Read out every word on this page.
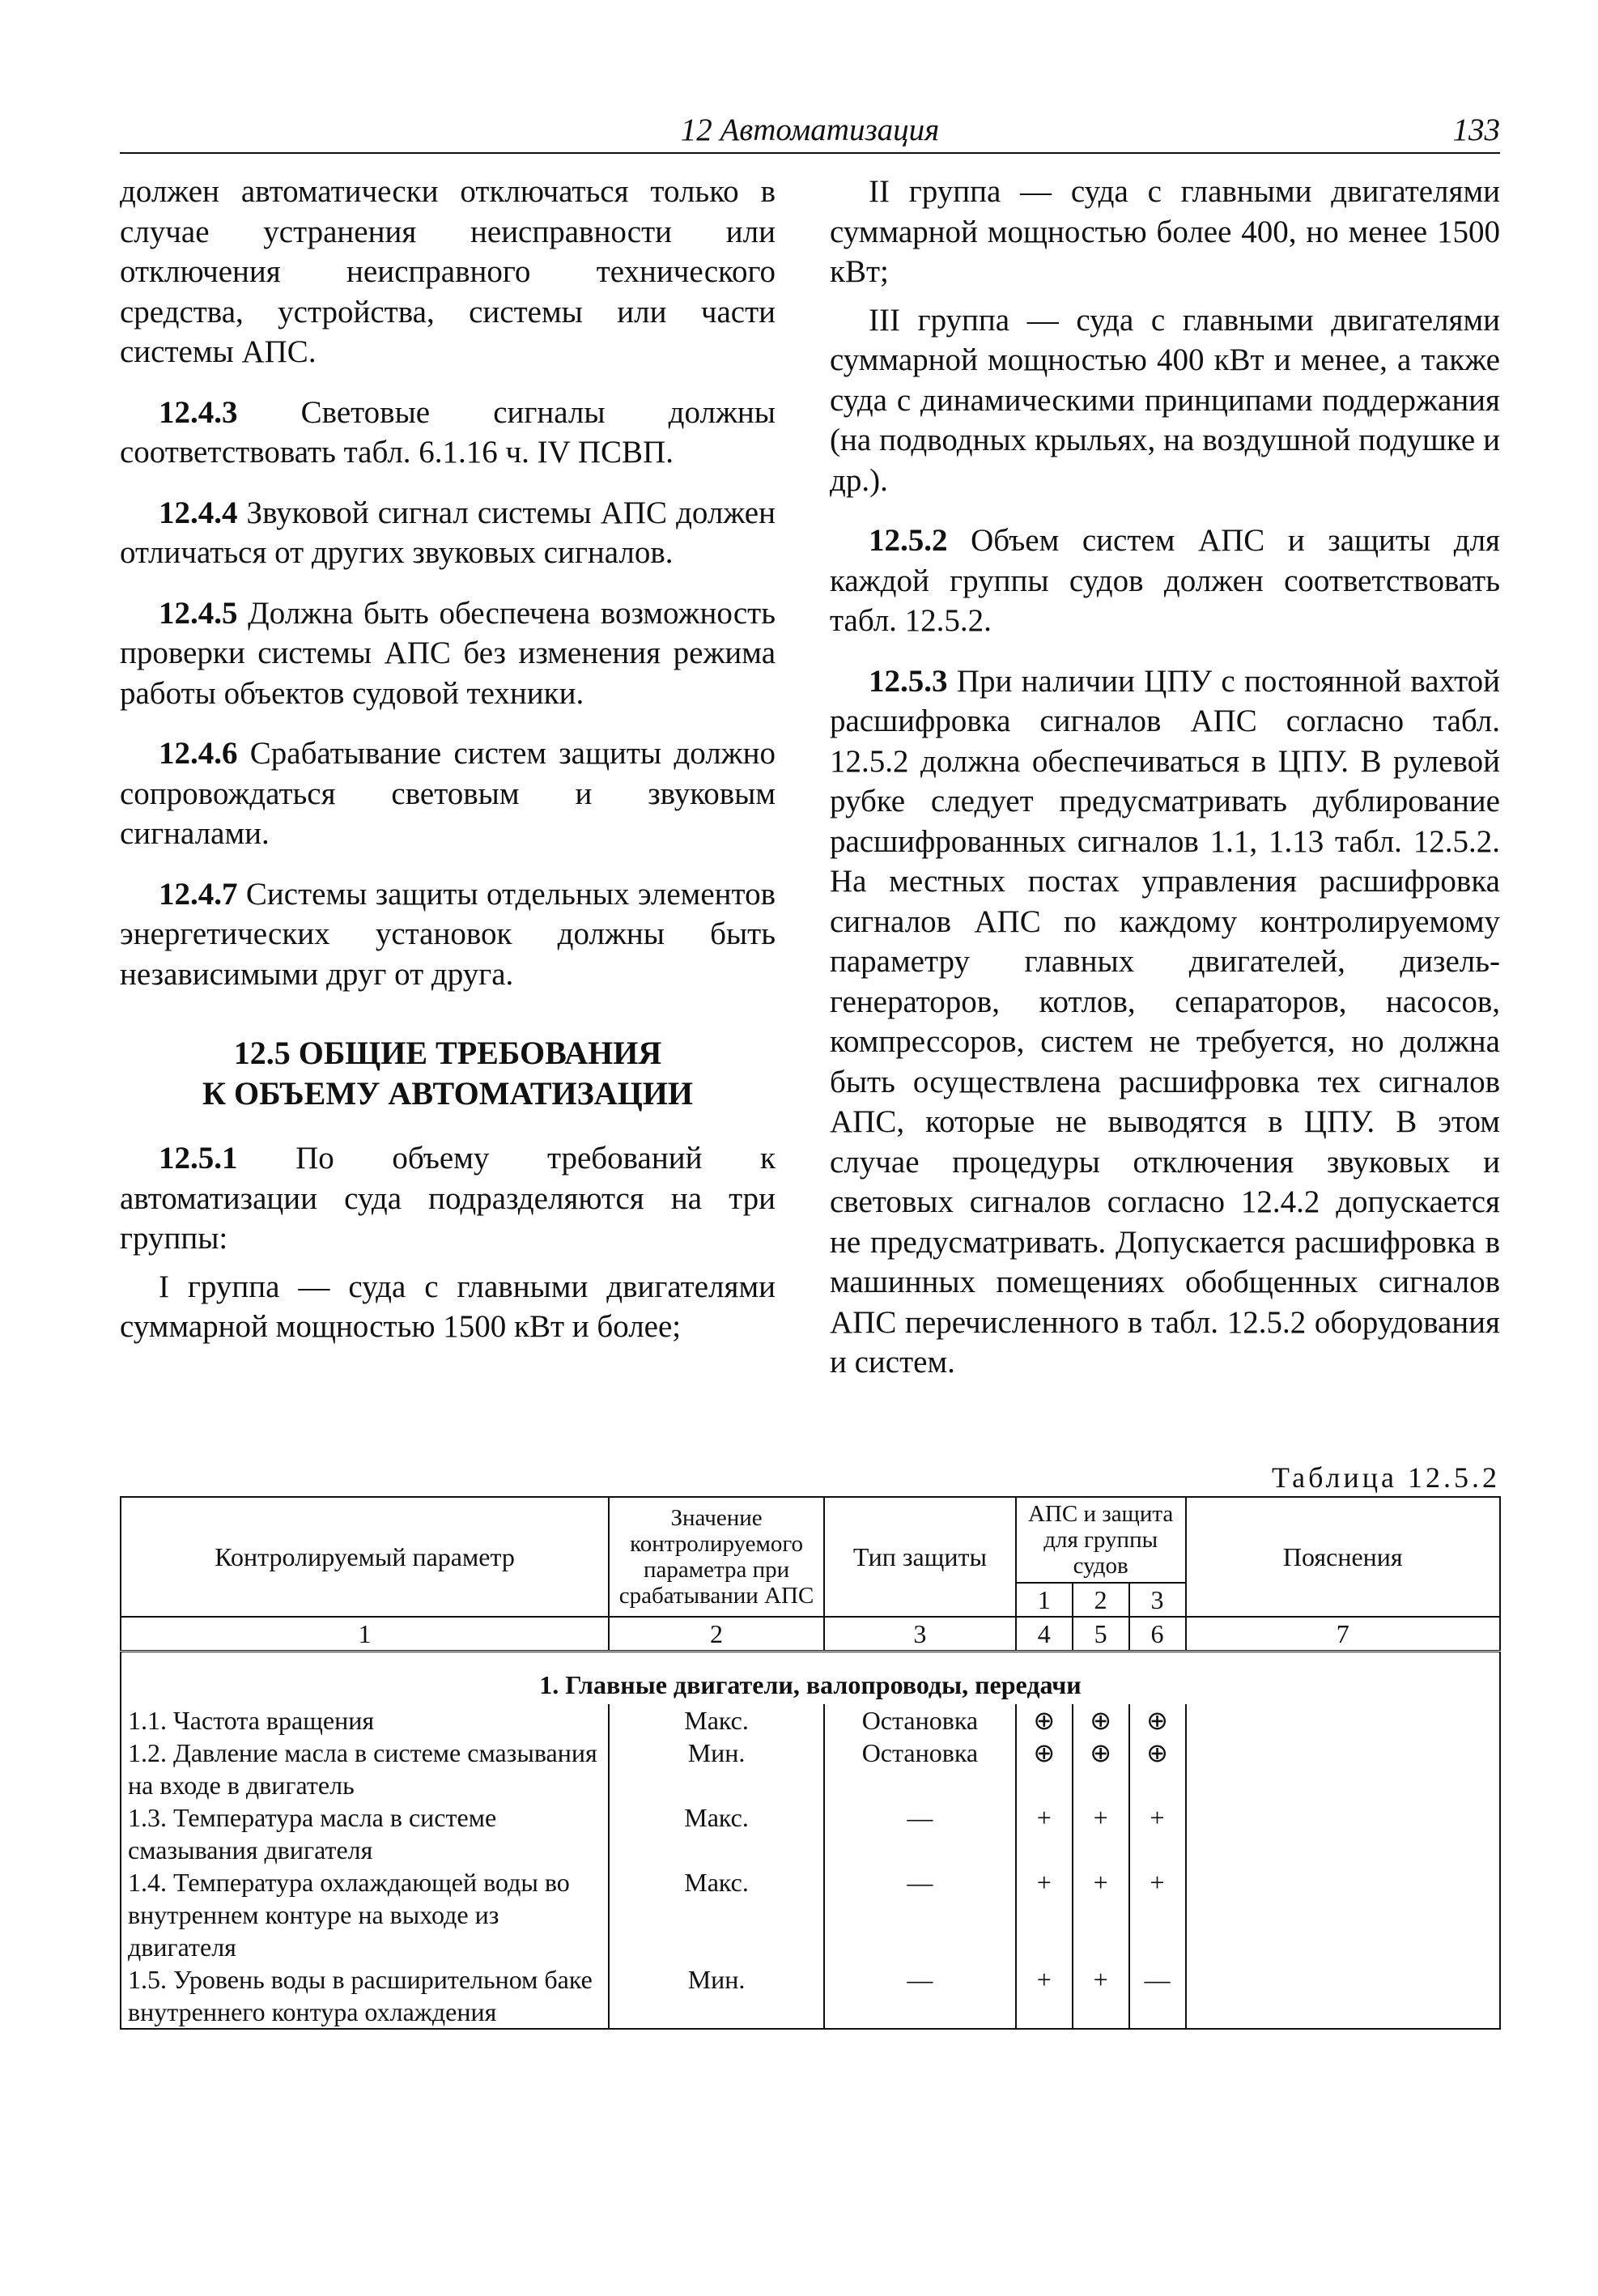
12 Автоматизация	133

должен автоматически отключаться только в случае устранения неисправности или отключения неисправного технического средства, устройства, системы или части системы АПС.

12.4.3 Световые сигналы должны соответствовать табл. 6.1.16 ч. IV ПСВП.

12.4.4 Звуковой сигнал системы АПС должен отличаться от других звуковых сигналов.

12.4.5 Должна быть обеспечена возможность проверки системы АПС без изменения режима работы объектов судовой техники.

12.4.6 Срабатывание систем защиты должно сопровождаться световым и звуковым сигналами.

12.4.7 Системы защиты отдельных элементов энергетических установок должны быть независимыми друг от друга.

12.5 ОБЩИЕ ТРЕБОВАНИЯ
К ОБЪЕМУ АВТОМАТИЗАЦИИ

12.5.1 По объему требований к автоматизации суда подразделяются на три группы:

I группа — суда с главными двигателями суммарной мощностью 1500 кВт и более;

II группа — суда с главными двигателями суммарной мощностью более 400, но менее 1500 кВт;

III группа — суда с главными двигателями суммарной мощностью 400 кВт и менее, а также суда с динамическими принципами поддержания (на подводных крыльях, на воздушной подушке и др.).

12.5.2 Объем систем АПС и защиты для каждой группы судов должен соответствовать табл. 12.5.2.

12.5.3 При наличии ЦПУ с постоянной вахтой расшифровка сигналов АПС согласно табл. 12.5.2 должна обеспечиваться в ЦПУ. В рулевой рубке следует предусматривать дублирование расшифрованных сигналов 1.1, 1.13 табл. 12.5.2. На местных постах управления расшифровка сигналов АПС по каждому контролируемому параметру главных двигателей, дизель-генераторов, котлов, сепараторов, насосов, компрессоров, систем не требуется, но должна быть осуществлена расшифровка тех сигналов АПС, которые не выводятся в ЦПУ. В этом случае процедуры отключения звуковых и световых сигналов согласно 12.4.2 допускается не предусматривать. Допускается расшифровка в машинных помещениях обобщенных сигналов АПС перечисленного в табл. 12.5.2 оборудования и систем.

Таблица 12.5.2
Контролируемый параметр	Значение контролируемого параметра при срабатывании АПС	Тип защиты	АПС и защита для группы судов			Пояснения
			1	2	3	
1	2	3	4	5	6	7
1. Главные двигатели, валопроводы, передачи						
1.1. Частота вращения	Макс.	Остановка	⊕	⊕	⊕	
1.2. Давление масла в системе смазывания на входе в двигатель	Мин.	Остановка	⊕	⊕	⊕	
1.3. Температура масла в системе смазывания двигателя	Макс.	—	+	+	+	
1.4. Температура охлаждающей воды во внутреннем контуре на выходе из двигателя	Макс.	—	+	+	+	
1.5. Уровень воды в расширительном баке внутреннего контура охлаждения	Мин.	—	+	+	—	
